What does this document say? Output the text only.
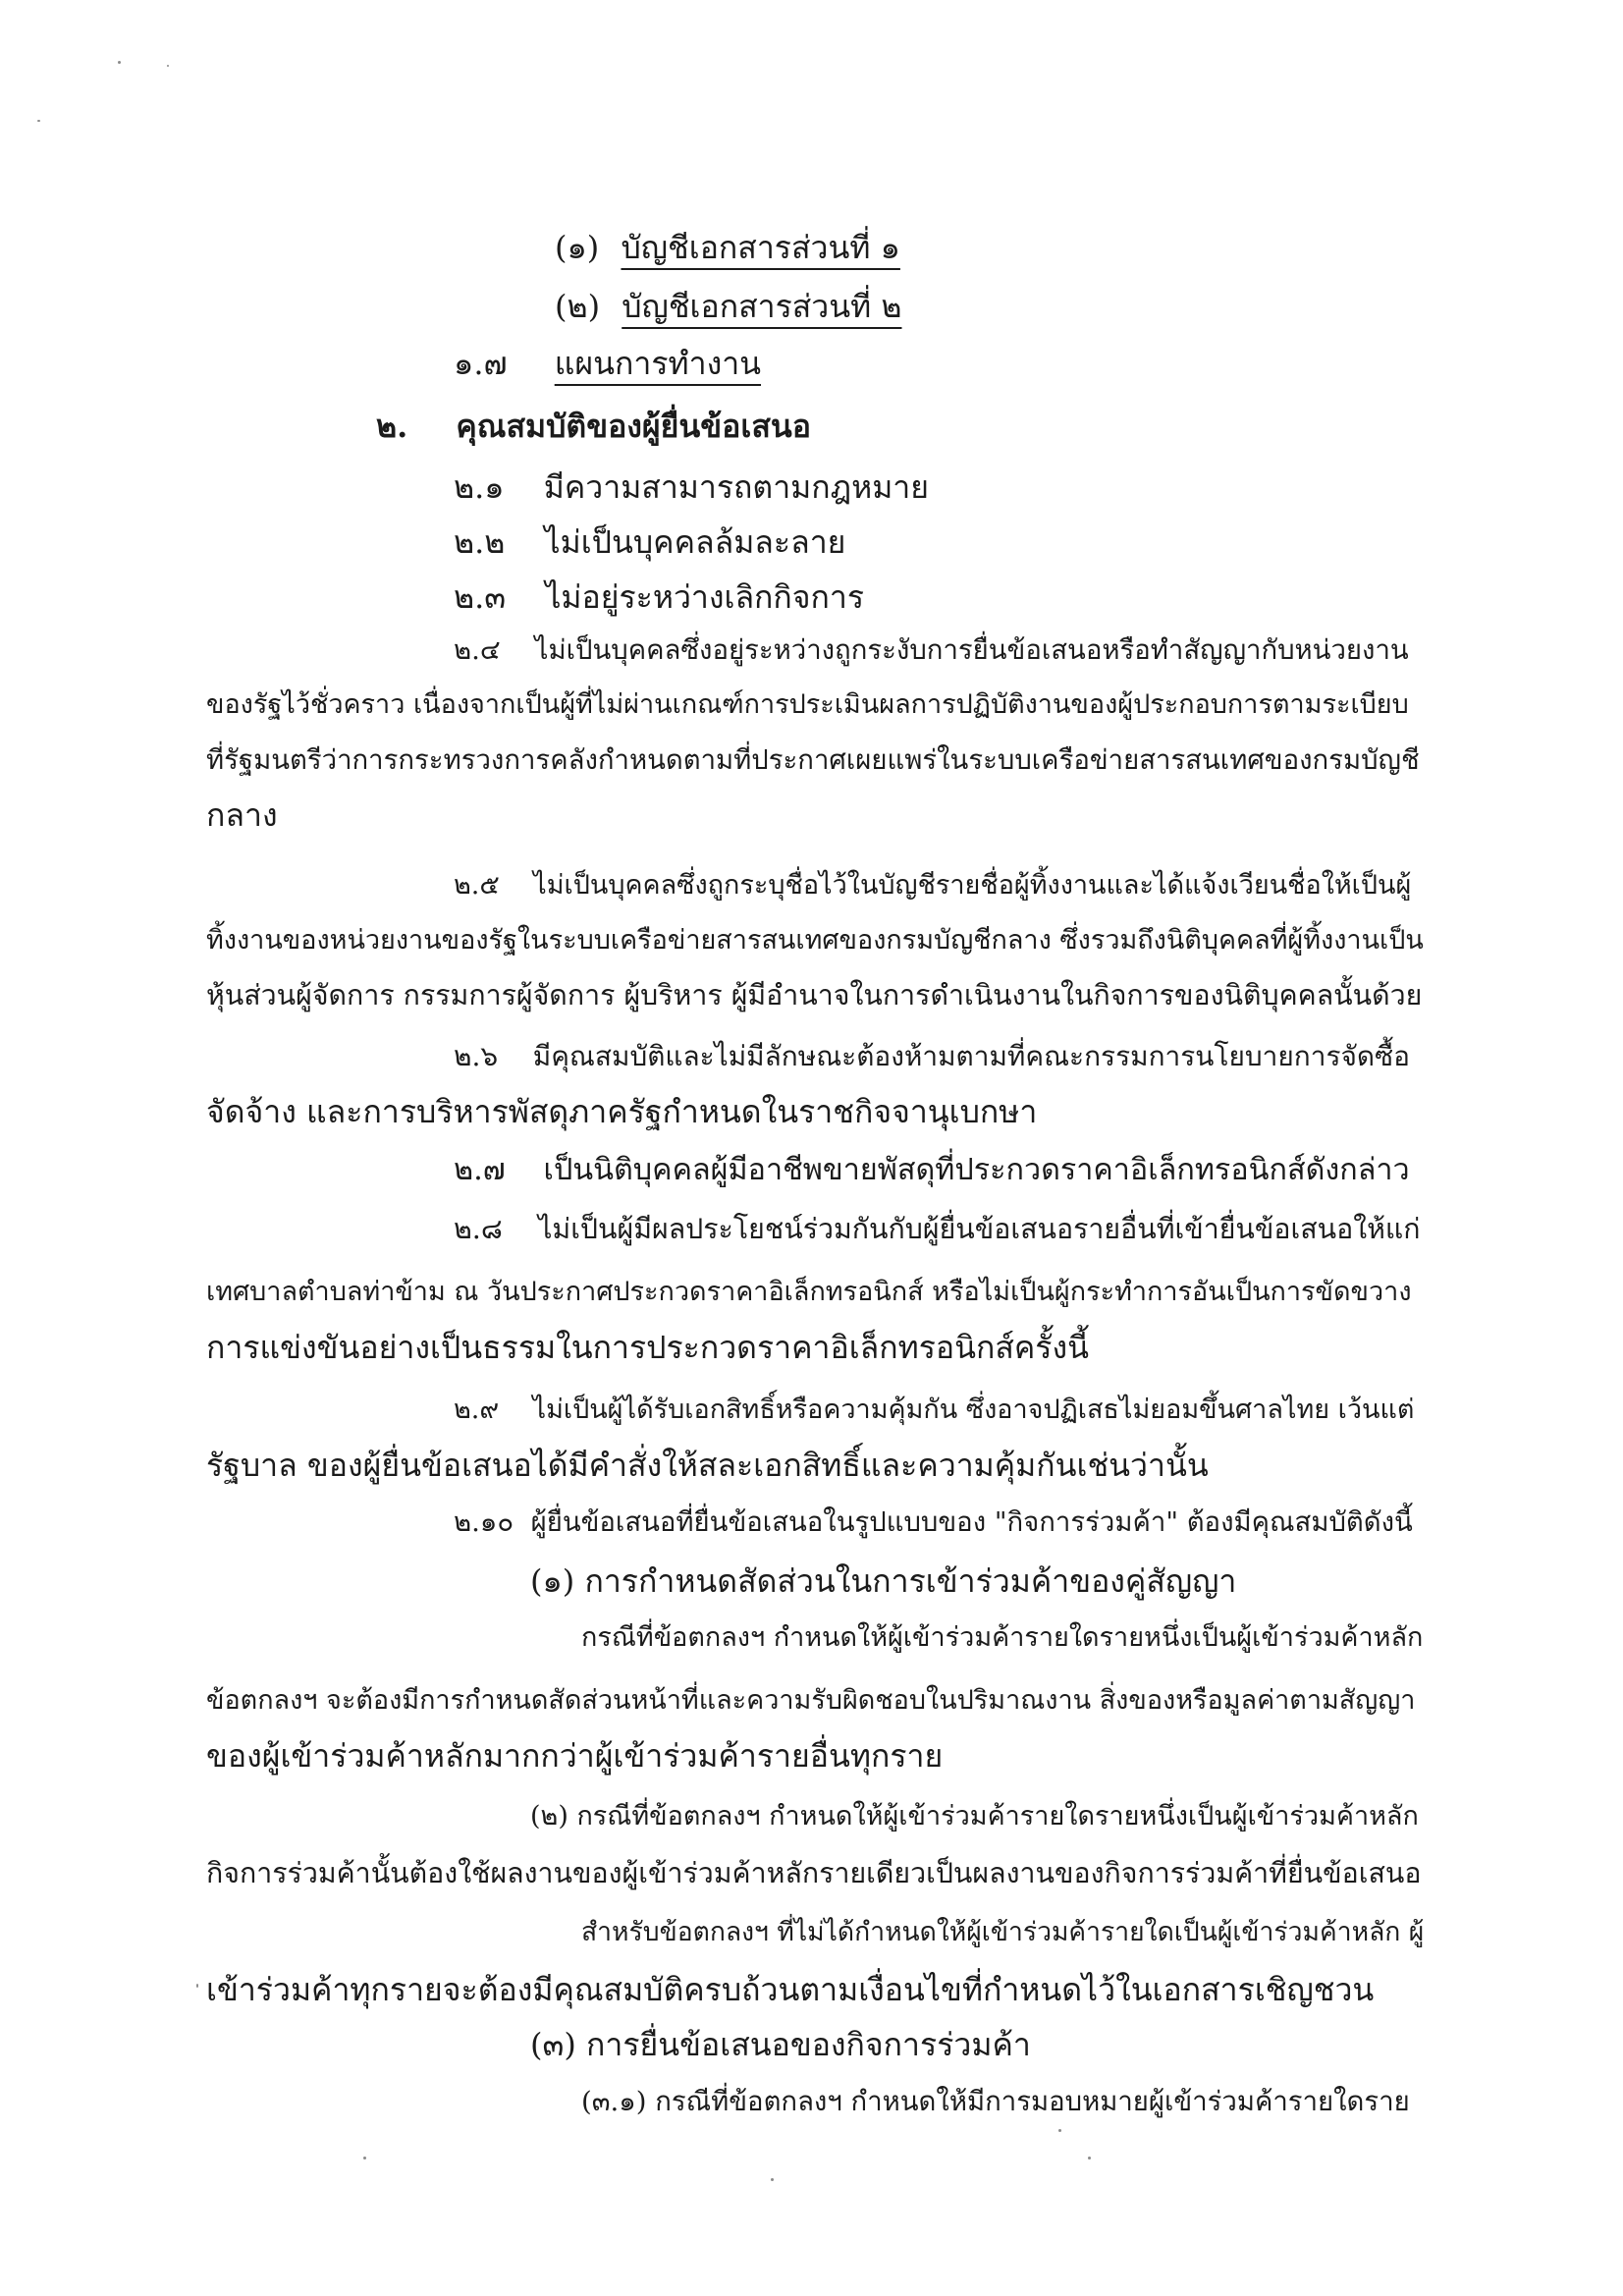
(๑) บัญชีเอกสารส่วนที่ ๑
(๒) บัญชีเอกสารส่วนที่ ๒
๑.๗ แผนการทำงาน
๒. คุณสมบัติของผู้ยื่นข้อเสนอ
๒.๑ มีความสามารถตามกฎหมาย
๒.๒ ไม่เป็นบุคคลล้มละลาย
๒.๓ ไม่อยู่ระหว่างเลิกกิจการ
๒.๔    ไม่เป็นบุคคลซึ่งอยู่ระหว่างถูกระงับการยื่นข้อเสนอหรือทำสัญญากับหน่วยงาน
ของรัฐไว้ชั่วคราว เนื่องจากเป็นผู้ที่ไม่ผ่านเกณฑ์การประเมินผลการปฏิบัติงานของผู้ประกอบการตามระเบียบ
ที่รัฐมนตรีว่าการกระทรวงการคลังกำหนดตามที่ประกาศเผยแพร่ในระบบเครือข่ายสารสนเทศของกรมบัญชี
กลาง
๒.๕    ไม่เป็นบุคคลซึ่งถูกระบุชื่อไว้ในบัญชีรายชื่อผู้ทิ้งงานและได้แจ้งเวียนชื่อให้เป็นผู้
ทิ้งงานของหน่วยงานของรัฐในระบบเครือข่ายสารสนเทศของกรมบัญชีกลาง ซึ่งรวมถึงนิติบุคคลที่ผู้ทิ้งงานเป็น
หุ้นส่วนผู้จัดการ กรรมการผู้จัดการ ผู้บริหาร ผู้มีอำนาจในการดำเนินงานในกิจการของนิติบุคคลนั้นด้วย
๒.๖    มีคุณสมบัติและไม่มีลักษณะต้องห้ามตามที่คณะกรรมการนโยบายการจัดซื้อ
จัดจ้าง และการบริหารพัสดุภาครัฐกำหนดในราชกิจจานุเบกษา
๒.๗    เป็นนิติบุคคลผู้มีอาชีพขายพัสดุที่ประกวดราคาอิเล็กทรอนิกส์ดังกล่าว
๒.๘    ไม่เป็นผู้มีผลประโยชน์ร่วมกันกับผู้ยื่นข้อเสนอรายอื่นที่เข้ายื่นข้อเสนอให้แก่
เทศบาลตำบลท่าข้าม ณ วันประกาศประกวดราคาอิเล็กทรอนิกส์ หรือไม่เป็นผู้กระทำการอันเป็นการขัดขวาง
การแข่งขันอย่างเป็นธรรมในการประกวดราคาอิเล็กทรอนิกส์ครั้งนี้
๒.๙    ไม่เป็นผู้ได้รับเอกสิทธิ์หรือความคุ้มกัน ซึ่งอาจปฏิเสธไม่ยอมขึ้นศาลไทย เว้นแต่
รัฐบาล ของผู้ยื่นข้อเสนอได้มีคำสั่งให้สละเอกสิทธิ์และความคุ้มกันเช่นว่านั้น
๒.๑๐  ผู้ยื่นข้อเสนอที่ยื่นข้อเสนอในรูปแบบของ "กิจการร่วมค้า" ต้องมีคุณสมบัติดังนี้
(๑) การกำหนดสัดส่วนในการเข้าร่วมค้าของคู่สัญญา
กรณีที่ข้อตกลงฯ กำหนดให้ผู้เข้าร่วมค้ารายใดรายหนึ่งเป็นผู้เข้าร่วมค้าหลัก
ข้อตกลงฯ จะต้องมีการกำหนดสัดส่วนหน้าที่และความรับผิดชอบในปริมาณงาน สิ่งของหรือมูลค่าตามสัญญา
ของผู้เข้าร่วมค้าหลักมากกว่าผู้เข้าร่วมค้ารายอื่นทุกราย
(๒) กรณีที่ข้อตกลงฯ กำหนดให้ผู้เข้าร่วมค้ารายใดรายหนึ่งเป็นผู้เข้าร่วมค้าหลัก
กิจการร่วมค้านั้นต้องใช้ผลงานของผู้เข้าร่วมค้าหลักรายเดียวเป็นผลงานของกิจการร่วมค้าที่ยื่นข้อเสนอ
สำหรับข้อตกลงฯ ที่ไม่ได้กำหนดให้ผู้เข้าร่วมค้ารายใดเป็นผู้เข้าร่วมค้าหลัก ผู้
เข้าร่วมค้าทุกรายจะต้องมีคุณสมบัติครบถ้วนตามเงื่อนไขที่กำหนดไว้ในเอกสารเชิญชวน
(๓) การยื่นข้อเสนอของกิจการร่วมค้า
(๓.๑) กรณีที่ข้อตกลงฯ กำหนดให้มีการมอบหมายผู้เข้าร่วมค้ารายใดราย
